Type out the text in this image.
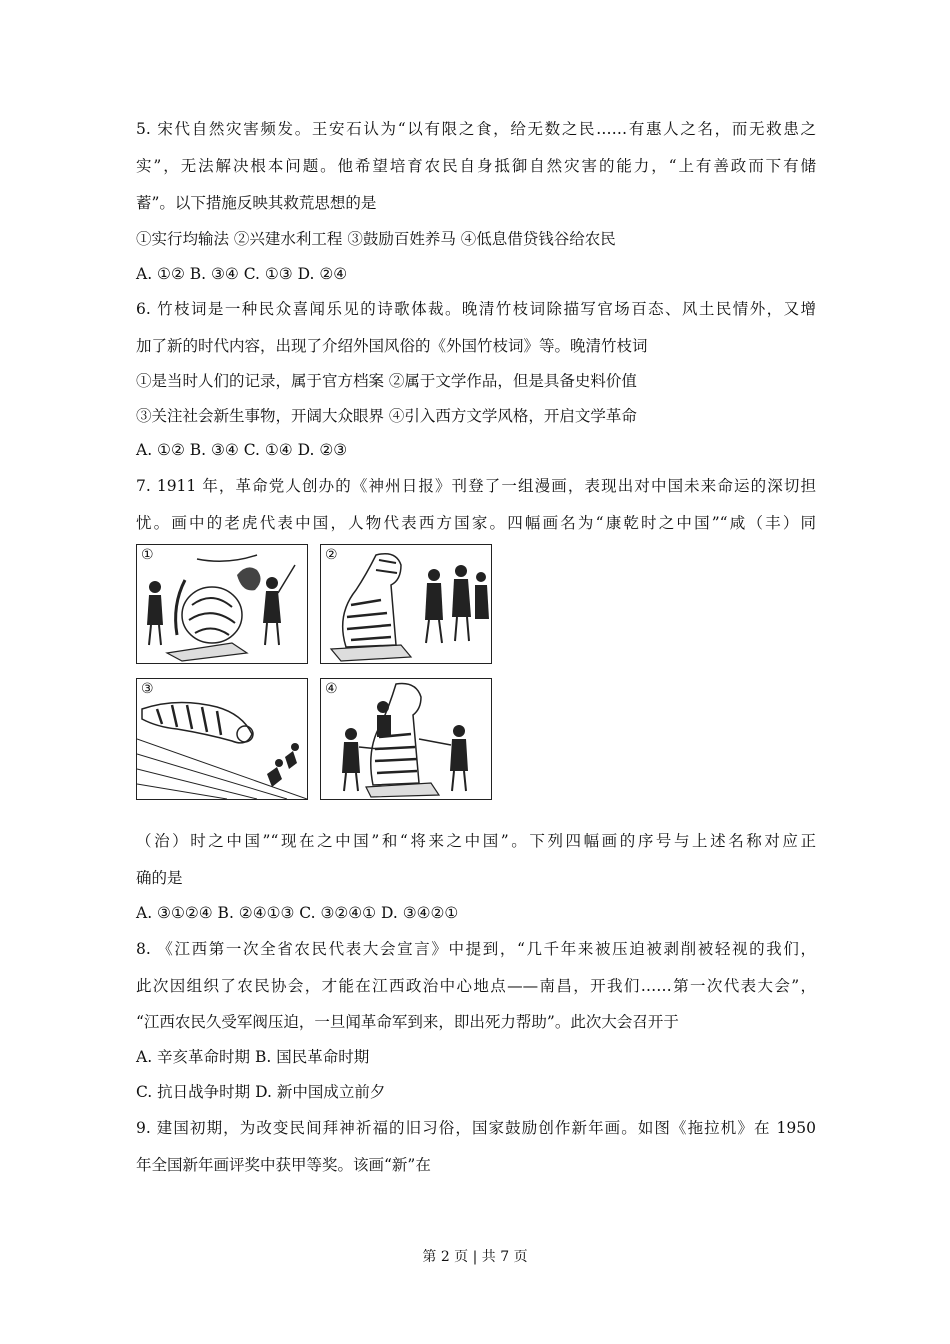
5. 宋代自然灾害频发。王安石认为“以有限之食，给无数之民……有惠人之名，而无救患之
实”，无法解决根本问题。他希望培育农民自身抵御自然灾害的能力，“上有善政而下有储
蓄”。以下措施反映其救荒思想的是
①实行均输法 ②兴建水利工程 ③鼓励百姓养马 ④低息借贷钱谷给农民
A. ①② B. ③④ C. ①③ D. ②④
6. 竹枝词是一种民众喜闻乐见的诗歌体裁。晚清竹枝词除描写官场百态、风土民情外，又增
加了新的时代内容，出现了介绍外国风俗的《外国竹枝词》等。晚清竹枝词
①是当时人们的记录，属于官方档案 ②属于文学作品，但是具备史料价值
③关注社会新生事物，开阔大众眼界 ④引入西方文学风格，开启文学革命
A. ①② B. ③④ C. ①④ D. ②③
7. 1911 年，革命党人创办的《神州日报》刊登了一组漫画，表现出对中国未来命运的深切担
忧。画中的老虎代表中国，人物代表西方国家。四幅画名为“康乾时之中国”“咸（丰）同
①	②
③	④
（治）时之中国”“现在之中国”和“将来之中国”。下列四幅画的序号与上述名称对应正
确的是
A. ③①②④ B. ②④①③ C. ③②④① D. ③④②①
8. 《江西第一次全省农民代表大会宣言》中提到，“几千年来被压迫被剥削被轻视的我们，
此次因组织了农民协会，才能在江西政治中心地点——南昌，开我们……第一次代表大会”，
“江西农民久受军阀压迫，一旦闻革命军到来，即出死力帮助”。此次大会召开于
A. 辛亥革命时期 B. 国民革命时期
C. 抗日战争时期 D. 新中国成立前夕
9. 建国初期，为改变民间拜神祈福的旧习俗，国家鼓励创作新年画。如图《拖拉机》在 1950
年全国新年画评奖中获甲等奖。该画“新”在
第 2 页 | 共 7 页
